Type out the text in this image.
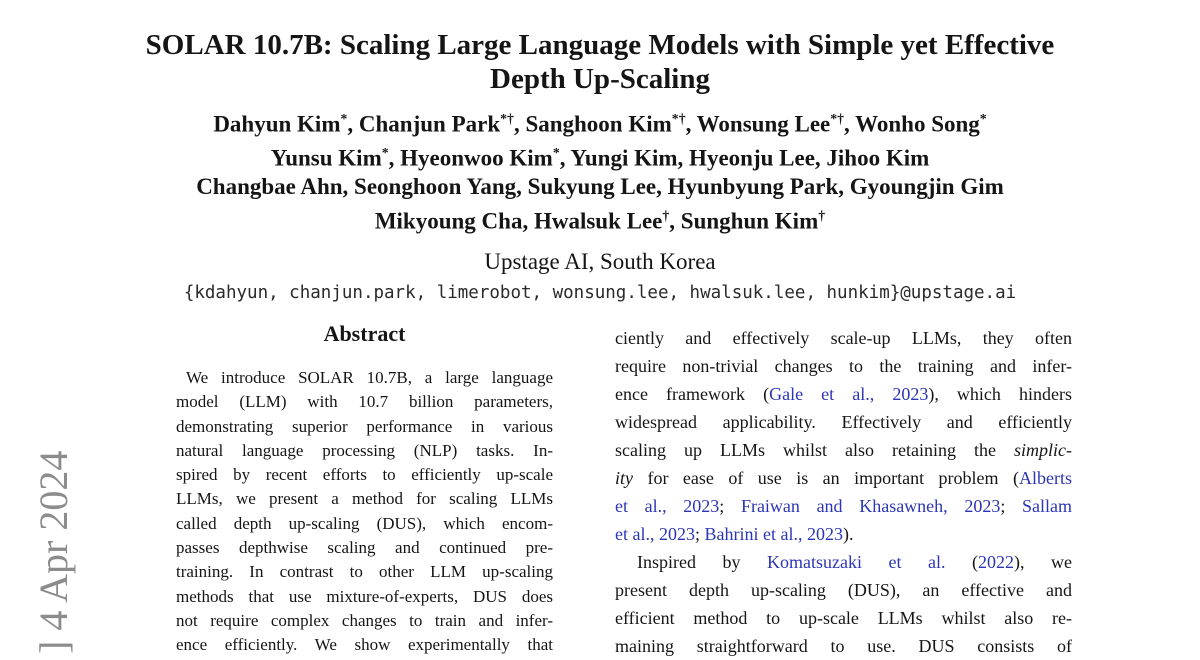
] 4 Apr 2024
SOLAR 10.7B: Scaling Large Language Models with Simple yet Effective
Depth Up-Scaling
Dahyun Kim*, Chanjun Park*†, Sanghoon Kim*†, Wonsung Lee*†, Wonho Song*
Yunsu Kim*, Hyeonwoo Kim*, Yungi Kim, Hyeonju Lee, Jihoo Kim
Changbae Ahn, Seonghoon Yang, Sukyung Lee, Hyunbyung Park, Gyoungjin Gim
Mikyoung Cha, Hwalsuk Lee†, Sunghun Kim†
Upstage AI, South Korea
{kdahyun, chanjun.park, limerobot, wonsung.lee, hwalsuk.lee, hunkim}@upstage.ai
Abstract
We introduce SOLAR 10.7B, a large language
model (LLM) with 10.7 billion parameters,
demonstrating superior performance in various
natural language processing (NLP) tasks. In-
spired by recent efforts to efficiently up-scale
LLMs, we present a method for scaling LLMs
called depth up-scaling (DUS), which encom-
passes depthwise scaling and continued pre-
training. In contrast to other LLM up-scaling
methods that use mixture-of-experts, DUS does
not require complex changes to train and infer-
ence efficiently. We show experimentally that
ciently and effectively scale-up LLMs, they often
require non-trivial changes to the training and infer-
ence framework (Gale et al., 2023), which hinders
widespread applicability. Effectively and efficiently
scaling up LLMs whilst also retaining the simplic-
ity for ease of use is an important problem (Alberts
et al., 2023; Fraiwan and Khasawneh, 2023; Sallam
et al., 2023; Bahrini et al., 2023).
Inspired by Komatsuzaki et al. (2022), we
present depth up-scaling (DUS), an effective and
efficient method to up-scale LLMs whilst also re-
maining straightforward to use. DUS consists of
